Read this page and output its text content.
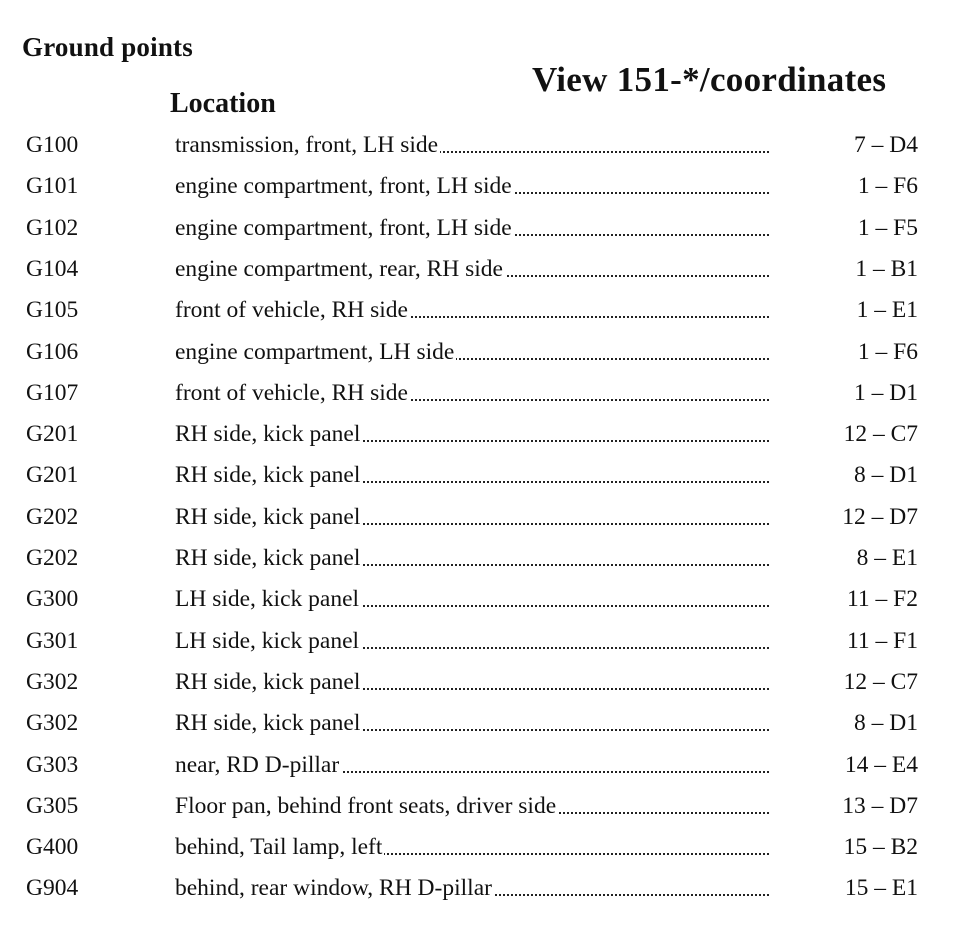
Ground points
View 151-*/coordinates
Location
G100	transmission, front, LH side	7 – D4
G101	engine compartment, front, LH side	1 – F6
G102	engine compartment, front, LH side	1 – F5
G104	engine compartment, rear, RH side	1 – B1
G105	front of vehicle, RH side	1 – E1
G106	engine compartment, LH side	1 – F6
G107	front of vehicle, RH side	1 – D1
G201	RH side, kick panel	12 – C7
G201	RH side, kick panel	8 – D1
G202	RH side, kick panel	12 – D7
G202	RH side, kick panel	8 – E1
G300	LH side, kick panel	11 – F2
G301	LH side, kick panel	11 – F1
G302	RH side, kick panel	12 – C7
G302	RH side, kick panel	8 – D1
G303	near, RD D-pillar	14 – E4
G305	Floor pan, behind front seats, driver side	13 – D7
G400	behind, Tail lamp, left	15 – B2
G904	behind, rear window, RH D-pillar	15 – E1
